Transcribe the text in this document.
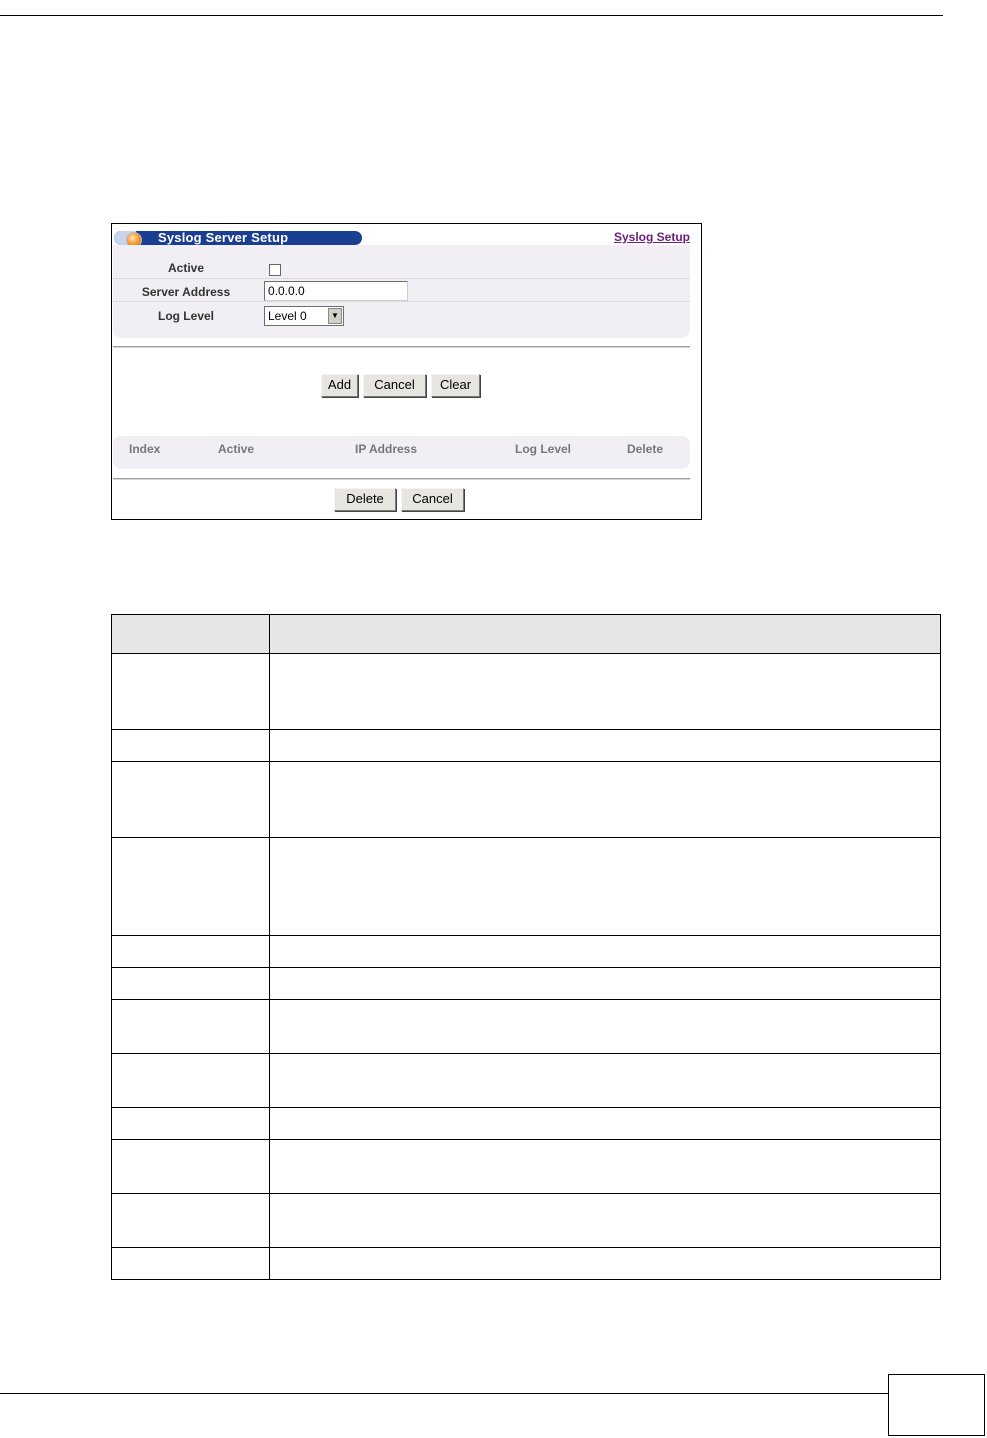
Syslog Server Setup	Syslog Setup
Active
Server Address	0.0.0.0
Log Level	Level 0	▼
Add	Cancel	Clear
Index	Active	IP Address	Log Level	Delete
Delete	Cancel
